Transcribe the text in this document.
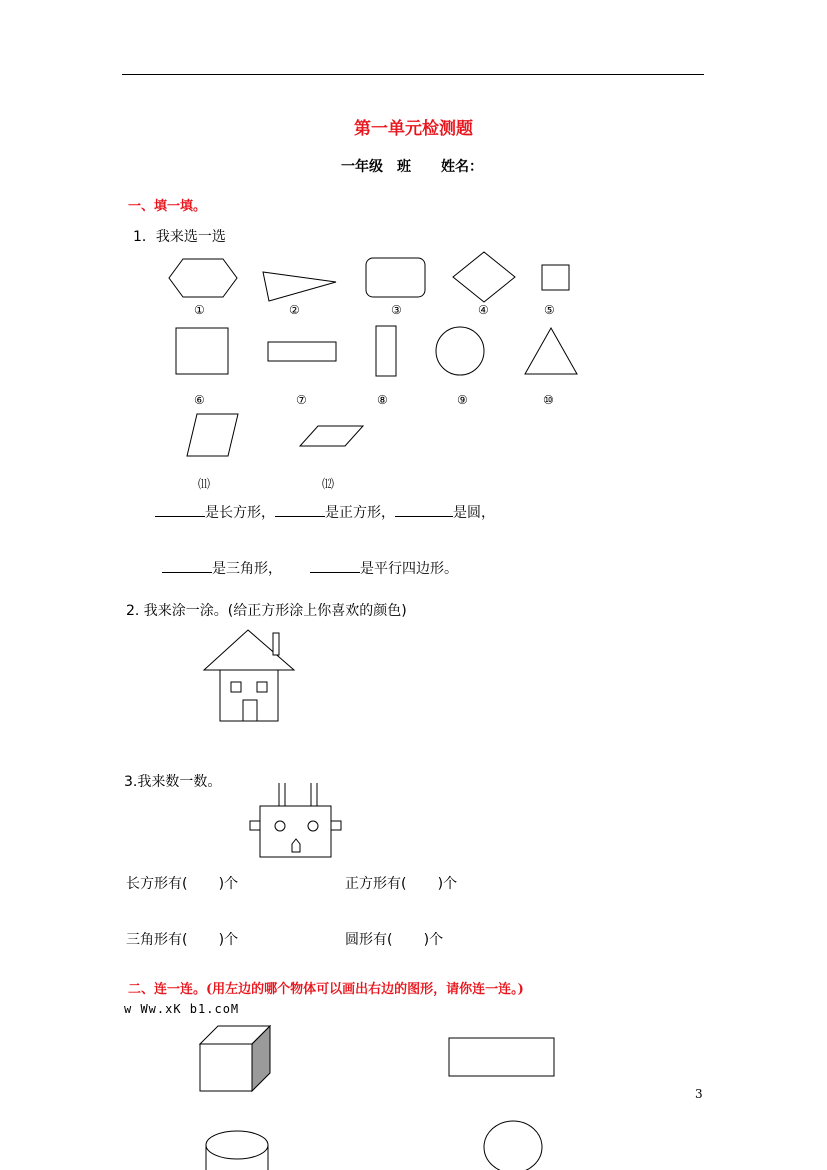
第一单元检测题
一年级 班 姓名：
一、填一填。
1．我来选一选
①	②	③	④	⑤
⑥	⑦	⑧	⑨	⑩
⑾	⑿
是长方形，	是正方形，	是圆，
是三角形，	是平行四边形。
2. 我来涂一涂。(给正方形涂上你喜欢的颜色)
3.我来数一数。
长方形有(       )个	正方形有(       )个
三角形有(       )个	圆形有(       )个
二、连一连。(用左边的哪个物体可以画出右边的图形，请你连一连。)
w Ww.xK b1.coM
3
